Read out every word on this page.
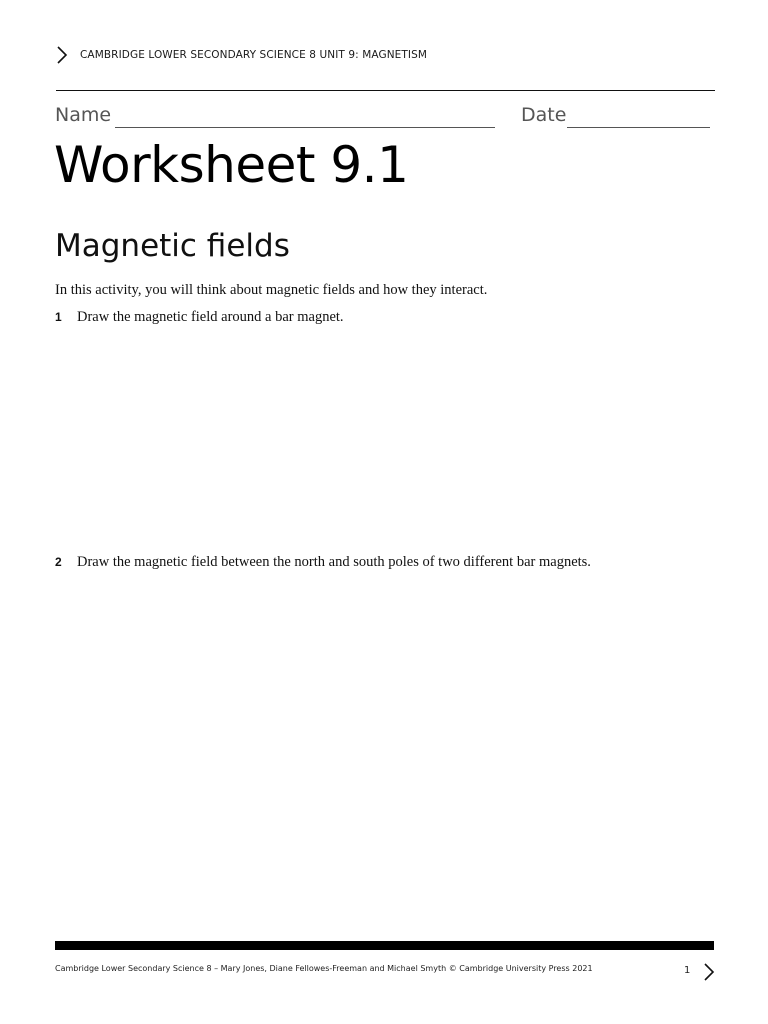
CAMBRIDGE LOWER SECONDARY SCIENCE 8 UNIT 9: MAGNETISM
Name	Date
Worksheet 9.1
Magnetic fields
In this activity, you will think about magnetic fields and how they interact.
1 Draw the magnetic field around a bar magnet.
2 Draw the magnetic field between the north and south poles of two different bar magnets.
Cambridge Lower Secondary Science 8 – Mary Jones, Diane Fellowes-Freeman and Michael Smyth © Cambridge University Press 2021	1
